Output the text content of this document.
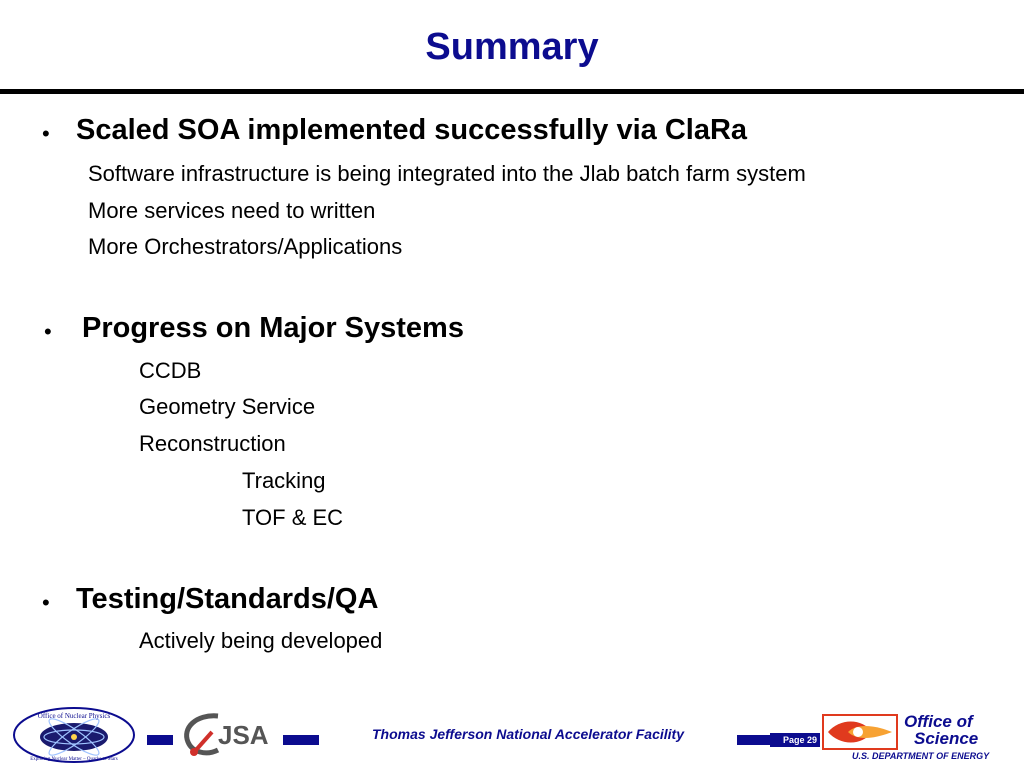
Summary
• Scaled SOA implemented successfully via ClaRa
Software infrastructure is being integrated into the Jlab batch farm system
More services need to written
More Orchestrators/Applications
• Progress on Major Systems
CCDB
Geometry Service
Reconstruction
Tracking
TOF & EC
• Testing/Standards/QA
Actively being developed
Thomas Jefferson National Accelerator Facility	Page 29
Office of Nuclear Physics
Exploring Nuclear Matter – Quarks to Stars
JSA	Office of
Science
U.S. DEPARTMENT OF ENERGY
